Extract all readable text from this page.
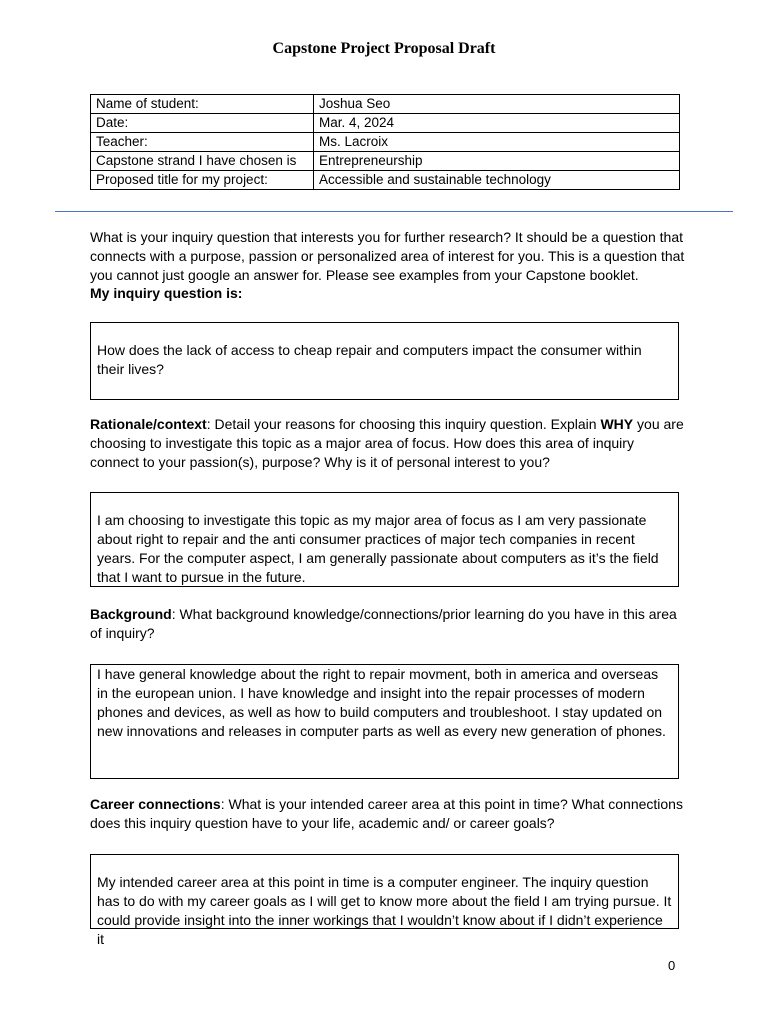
Capstone Project Proposal Draft
Name of student:	Joshua Seo
Date:	Mar. 4, 2024
Teacher:	Ms. Lacroix
Capstone strand I have chosen is	Entrepreneurship
Proposed title for my project:	Accessible and sustainable technology
What is your inquiry question that interests you for further research? It should be a question that connects with a purpose, passion or personalized area of interest for you. This is a question that you cannot just google an answer for. Please see examples from your Capstone booklet.
My inquiry question is:
How does the lack of access to cheap repair and computers impact the consumer within their lives?
Rationale/context: Detail your reasons for choosing this inquiry question. Explain WHY you are choosing to investigate this topic as a major area of focus. How does this area of inquiry connect to your passion(s), purpose? Why is it of personal interest to you?
I am choosing to investigate this topic as my major area of focus as I am very passionate about right to repair and the anti consumer practices of major tech companies in recent years. For the computer aspect, I am generally passionate about computers as it’s the field that I want to pursue in the future.
Background: What background knowledge/connections/prior learning do you have in this area of inquiry?
I have general knowledge about the right to repair movment, both in america and overseas in the european union. I have knowledge and insight into the repair processes of modern phones and devices, as well as how to build computers and troubleshoot. I stay updated on new innovations and releases in computer parts as well as every new generation of phones.
Career connections: What is your intended career area at this point in time? What connections does this inquiry question have to your life, academic and/ or career goals?
My intended career area at this point in time is a computer engineer. The inquiry question has to do with my career goals as I will get to know more about the field I am trying pursue. It could provide insight into the inner workings that I wouldn’t know about if I didn’t experience it
0
